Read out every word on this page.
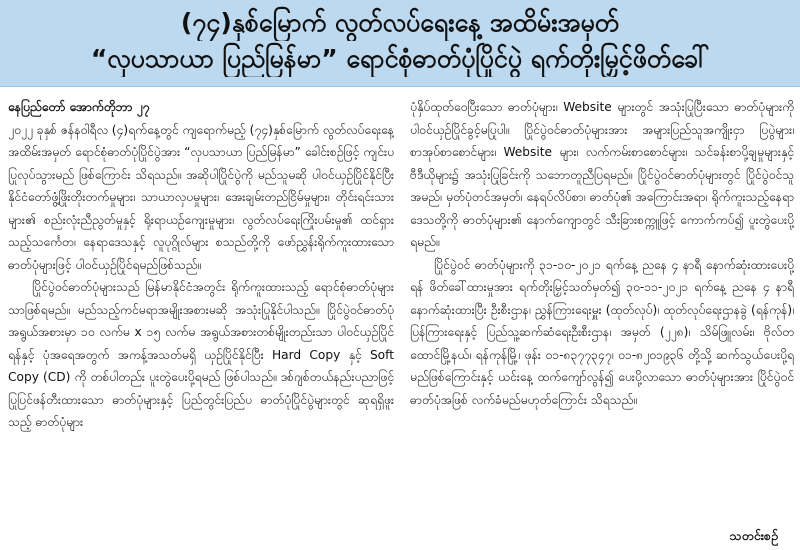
(၇၄)နှစ်မြောက် လွတ်လပ်ရေးနေ့ အထိမ်းအမှတ်
“လှပသာယာ ပြည်မြန်မာ” ရောင်စုံဓာတ်ပုံပြိုင်ပွဲ ရက်တိုးမြှင့်ဖိတ်ခေါ်

နေပြည်တော် အောက်တိုဘာ ၂၇

၂၀၂၂ ခုနှစ် ဇန်နဝါရီလ (၄)ရက်နေ့တွင် ကျရောက်မည့် (၇၄)နှစ်မြောက် လွတ်လပ်ရေးနေ့ အထိမ်းအမှတ် ရောင်စုံဓာတ်ပုံပြိုင်ပွဲအား “လှပသာယာ ပြည်မြန်မာ” ခေါင်းစဉ်ဖြင့် ကျင်းပပြုလုပ်သွားမည် ဖြစ်ကြောင်း သိရသည်။ အဆိုပါပြိုင်ပွဲကို မည်သူမဆို ပါဝင်ယှဉ်ပြိုင်နိုင်ပြီး နိုင်ငံတော်ဖွံ့ဖြိုးတိုးတက်မှုများ၊ သာယာလှပမှုများ၊ အေးချမ်းတည်ငြိမ်မှုများ၊ တိုင်းရင်းသားများ၏ စည်းလုံးညီညွတ်မှုနှင့် ရိုးရာယဉ်ကျေးမှုများ၊ လွတ်လပ်ရေးကြိုးပမ်းမှု၏ ထင်ရှားသည့်သင်္ကေတ၊ နေရာဒေသနှင့် လူပုဂ္ဂိုလ်များ စသည်တို့ကို ဖော်ညွှန်းရိုက်ကူးထားသော ဓာတ်ပုံများဖြင့် ပါဝင်ယှဉ်ပြိုင်ရမည်ဖြစ်သည်။

ပြိုင်ပွဲဝင်ဓာတ်ပုံများသည် မြန်မာနိုင်ငံအတွင်း ရိုက်ကူးထားသည့် ရောင်စုံဓာတ်ပုံများသာဖြစ်ရမည်။ မည်သည့်ကင်မရာအမျိုးအစားမဆို အသုံးပြုနိုင်ပါသည်။ ပြိုင်ပွဲဝင်ဓာတ်ပုံ အရွယ်အစားမှာ ၁၀ လက်မ x ၁၅ လက်မ အရွယ်အစားတစ်မျိုးတည်းသာ ပါဝင်ယှဉ်ပြိုင်ရန်နှင့် ပုံအရေအတွက် အကန့်အသတ်မရှိ ယှဉ်ပြိုင်နိုင်ပြီး Hard Copy နှင့် Soft Copy (CD) ကို တစ်ပါတည်း ပူးတွဲပေးပို့ရမည် ဖြစ်ပါသည်။ ဒစ်ဂျစ်တယ်နည်းပညာဖြင့် ပြုပြင်ဖန်တီးထားသော ဓာတ်ပုံများနှင့် ပြည်တွင်းပြည်ပ ဓာတ်ပုံပြိုင်ပွဲများတွင် ဆုရရှိဖူးသည့် ဓာတ်ပုံများ

ပုံနှိပ်ထုတ်ဝေပြီးသော ဓာတ်ပုံများ၊ Website များတွင် အသုံးပြုပြီးသော ဓာတ်ပုံများကို ပါဝင်ယှဉ်ပြိုင်ခွင့်မပြုပါ။ ပြိုင်ပွဲဝင်ဓာတ်ပုံများအား အများပြည်သူအကျိုးငှာ ပြပွဲများ၊ စာအုပ်စာစောင်များ၊ Website များ၊ လက်ကမ်းစာစောင်များ၊ သင်ခန်းစာပို့ချမှုများနှင့် ဗီဒီယိုများ၌ အသုံးပြုခြင်းကို သဘောတူညီပြရမည်။ ပြိုင်ပွဲဝင်ဓာတ်ပုံများတွင် ပြိုင်ပွဲဝင်သူအမည်၊ မှတ်ပုံတင်အမှတ်၊ နေရပ်လိပ်စာ၊ ဓာတ်ပုံ၏ အကြောင်းအရာ၊ ရိုက်ကူးသည့်နေရာဒေသတို့ကို ဓာတ်ပုံများ၏ နောက်ကျောတွင် သီးခြားစက္ကူဖြင့် ကောက်ကပ်၍ ပူးတွဲပေးပို့ရမည်။

ပြိုင်ပွဲဝင် ဓာတ်ပုံများကို ၃၁-၁၀-၂၀၂၁ ရက်နေ့ ညနေ ၄ နာရီ နောက်ဆုံးထားပေးပို့ရန် ဖိတ်ခေါ်ထားမှုအား ရက်တိုးမြှင့်သတ်မှတ်၍ ၃၀-၁၁-၂၀၂၁ ရက်နေ့ ညနေ ၄ နာရီ နောက်ဆုံးထားပြီး ဦးစီးဌာန၊ ညွှန်ကြားရေးမှူး (ထုတ်လုပ်)၊ ထုတ်လုပ်ရေးဌာနခွဲ (ရန်ကုန်)၊ ပြန်ကြားရေးနှင့် ပြည်သူ့ဆက်ဆံရေးဦးစီးဌာန၊ အမှတ် (၂၂၈)၊ သိမ်ဖြူလမ်း၊ ဗိုလ်တထောင်မြို့နယ်၊ ရန်ကုန်မြို့၊ ဖုန်း ၀၁-၈၃၇၇၃၄၇၊ ၀၁-၈၂၀၁၉၃၆ တို့သို့ ဆက်သွယ်ပေးပို့ရမည်ဖြစ်ကြောင်းနှင့် ယင်းနေ့ ထက်ကျော်လွန်၍ ပေးပို့လာသော ဓာတ်ပုံများအား ပြိုင်ပွဲဝင်ဓာတ်ပုံအဖြစ် လက်ခံမည်မဟုတ်ကြောင်း သိရသည်။

သတင်းစဉ်
